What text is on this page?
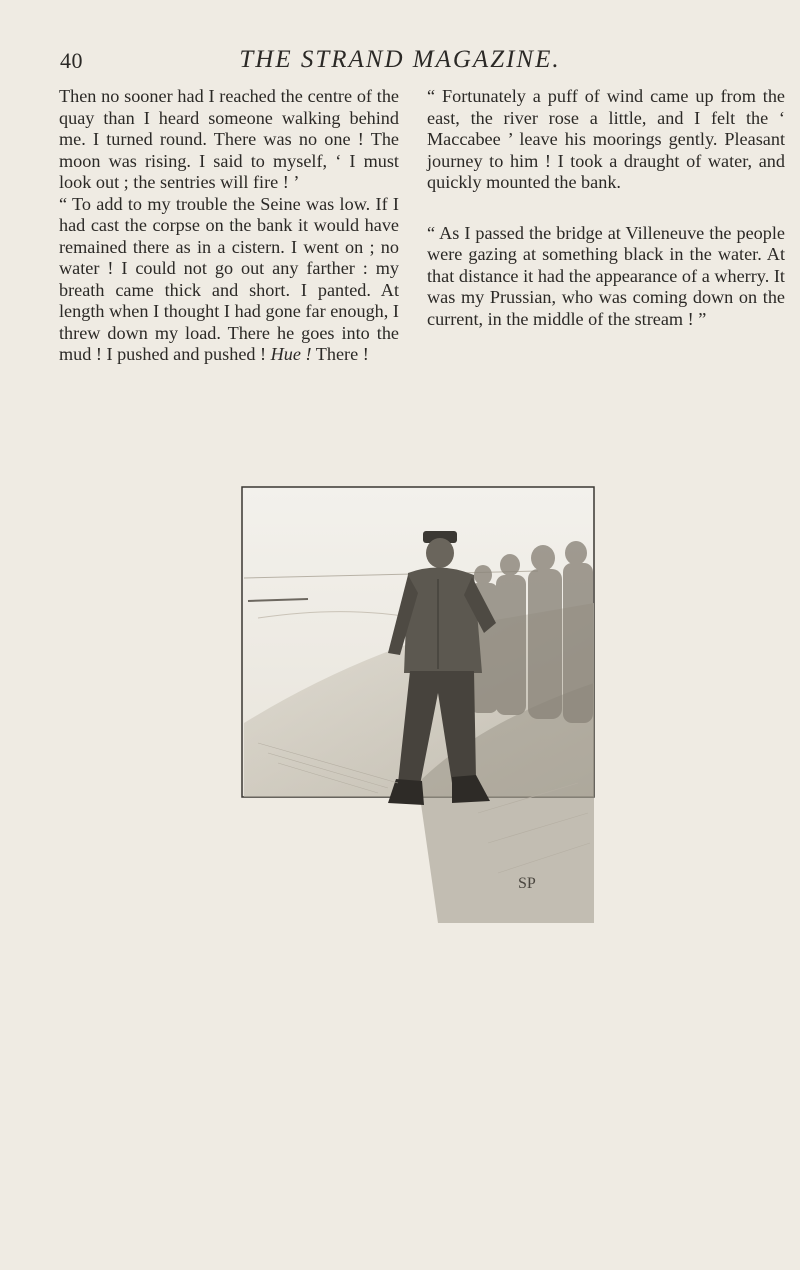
40	THE STRAND MAGAZINE.

Then no sooner had I reached the centre of the quay than I heard someone walking behind me. I turned round. There was no one ! The moon was rising. I said to myself, ‘ I must look out ; the sentries will fire ! ’

“ To add to my trouble the Seine was low. If I had cast the corpse on the bank it would have remained there as in a cistern. I went on ; no water ! I could not go out any farther : my breath came thick and short. I panted. At length when I thought I had gone far enough, I threw down my load. There he goes into the mud ! I pushed and pushed ! Hue ! There !

“ Fortunately a puff of wind came up from the east, the river rose a little, and I felt the ‘ Maccabee ’ leave his moorings gently. Pleasant journey to him ! I took a draught of water, and quickly mounted the bank.

“ As I passed the bridge at Villeneuve the people were gazing at something black in the water. At that distance it had the appearance of a wherry. It was my Prussian, who was coming down on the current, in the middle of the stream ! ”

SP
